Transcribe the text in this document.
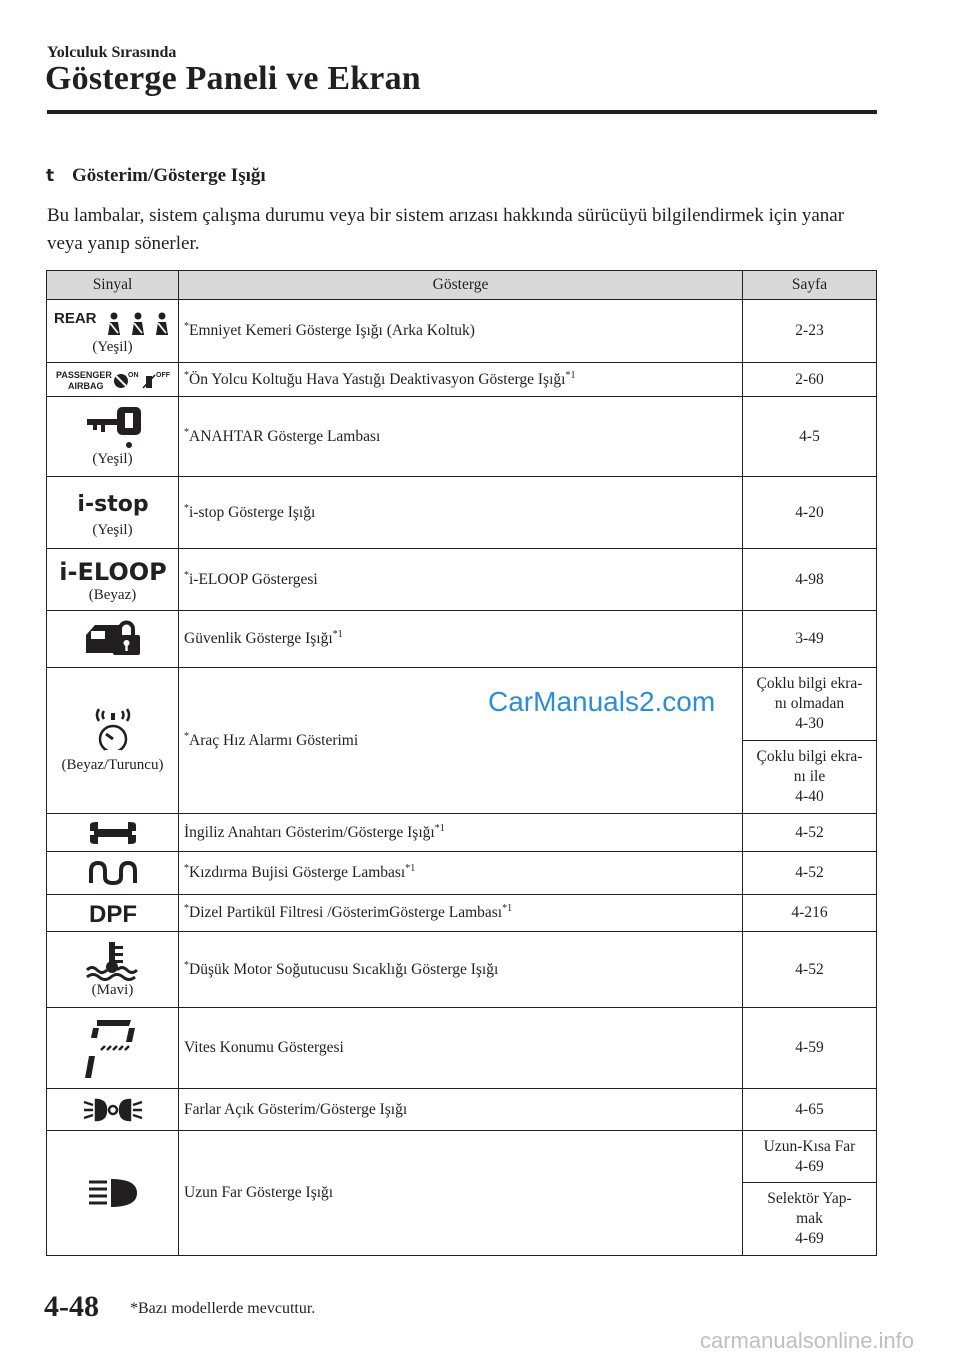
Yolculuk Sırasında
Gösterge Paneli ve Ekran
t Gösterim/Gösterge Işığı
Bu lambalar, sistem çalışma durumu veya bir sistem arızası hakkında sürücüyü bilgilendirmek için yanar veya yanıp sönerler.
Sinyal	Gösterge	Sayfa

REAR
(Yeşil)	*Emniyet Kemeri Gösterge Işığı (Arka Koltuk)	2-23

PASSENGER
AIRBAG
ON OFF	*Ön Yolcu Koltuğu Hava Yastığı Deaktivasyon Gösterge Işığı$^{*1}$	2-60

(Yeşil)	*ANAHTAR Gösterge Lambası	4-5

i-stop
(Yeşil)	*i-stop Gösterge Işığı	4-20

i-ELOOP
(Beyaz)	*i-ELOOP Göstergesi	4-98

	Güvenlik Gösterge Işığı$^{*1}$	3-49

(Beyaz/Turuncu)	*Araç Hız Alarmı Gösterimi	Çoklu bilgi ekra-
nı olmadan
4-30
		Çoklu bilgi ekra-
nı ile
4-40

	İngiliz Anahtarı Gösterim/Gösterge Işığı$^{*1}$	4-52

	*Kızdırma Bujisi Gösterge Lambası$^{*1}$	4-52

DPF	*Dizel Partikül Filtresi /GösterimGösterge Lambası$^{*1}$	4-216

(Mavi)	*Düşük Motor Soğutucusu Sıcaklığı Gösterge Işığı	4-52

	Vites Konumu Göstergesi	4-59

	Farlar Açık Gösterim/Gösterge Işığı	4-65

	Uzun Far Gösterge Işığı	Uzun-Kısa Far
4-69
		Selektör Yap-
mak
4-69
CarManuals2.com
4-48 *Bazı modellerde mevcuttur.
carmanualsonline.info
